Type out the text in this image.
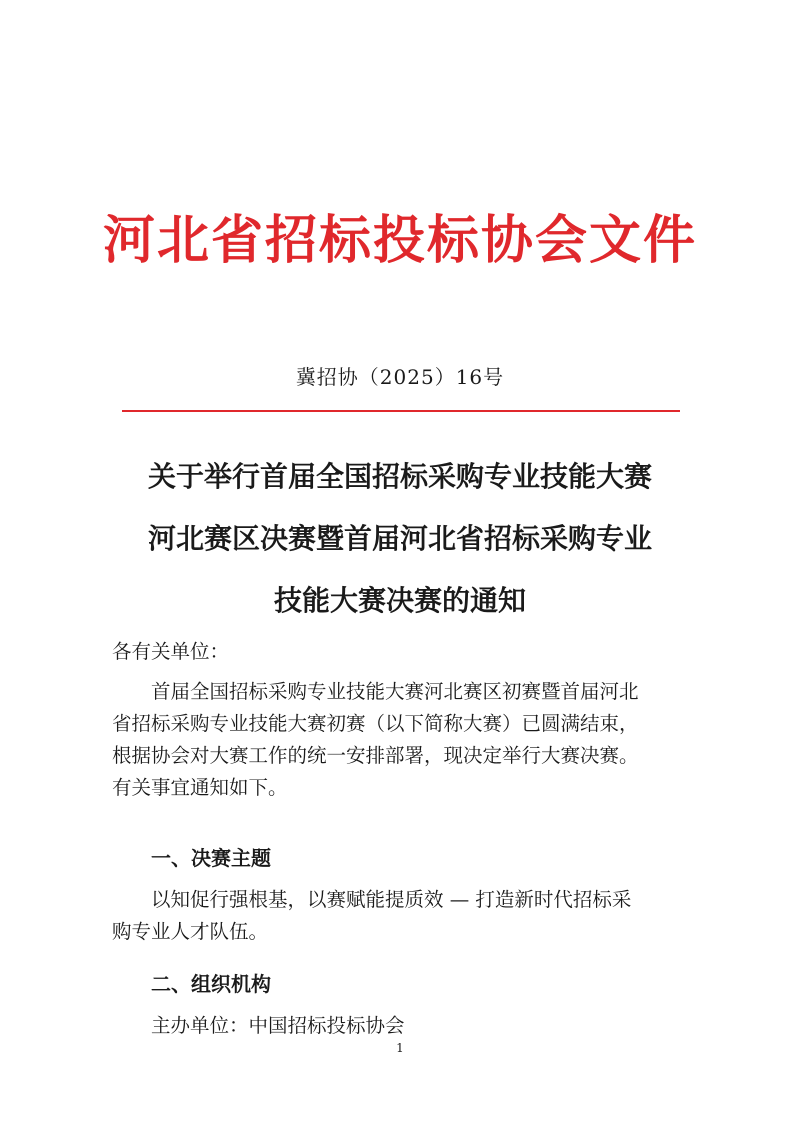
河北省招标投标协会文件
冀招协（2025）16号
关于举行首届全国招标采购专业技能大赛
河北赛区决赛暨首届河北省招标采购专业
技能大赛决赛的通知
各有关单位：
首届全国招标采购专业技能大赛河北赛区初赛暨首届河北
省招标采购专业技能大赛初赛（以下简称大赛）已圆满结束，
根据协会对大赛工作的统一安排部署，现决定举行大赛决赛。
有关事宜通知如下。
一、决赛主题
以知促行强根基，以赛赋能提质效 — 打造新时代招标采
购专业人才队伍。
二、组织机构
主办单位：中国招标投标协会
1
